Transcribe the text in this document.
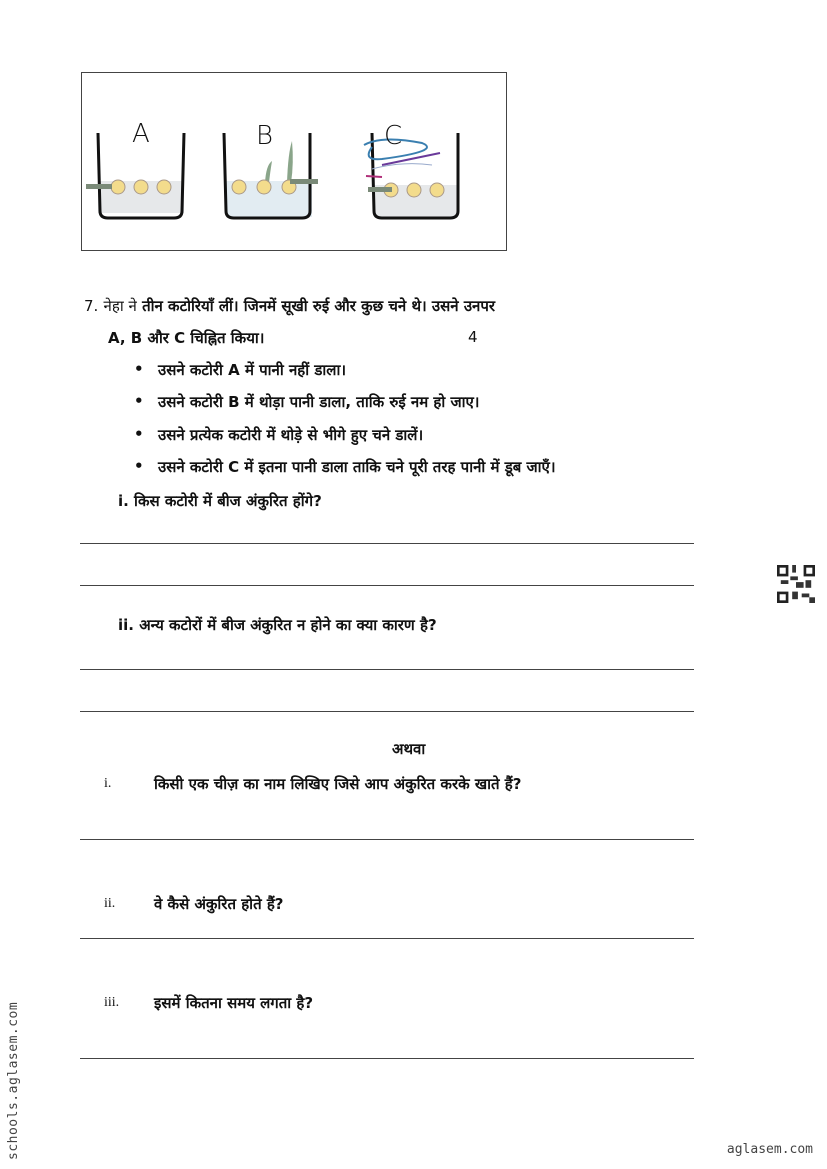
A	B	C
7. नेहा ने तीन कटोरियाँ लीं। जिनमें सूखी रुई और कुछ चने थे। उसने उनपर
A, B और C चिह्नित किया।	4
• उसने कटोरी A में पानी नहीं डाला।
• उसने कटोरी B में थोड़ा पानी डाला, ताकि रुई नम हो जाए।
• उसने प्रत्येक कटोरी में थोड़े से भीगे हुए चने डालें।
• उसने कटोरी C में इतना पानी डाला ताकि चने पूरी तरह पानी में डूब जाएँ।
i. किस कटोरी में बीज अंकुरित होंगे?
ii. अन्य कटोरों में बीज अंकुरित न होने का क्या कारण है?
अथवा
i.	किसी एक चीज़ का नाम लिखिए जिसे आप अंकुरित करके खाते हैं?
ii.	वे कैसे अंकुरित होते हैं?
iii. इसमें कितना समय लगता है?
schools.aglasem.com	aglasem.com
